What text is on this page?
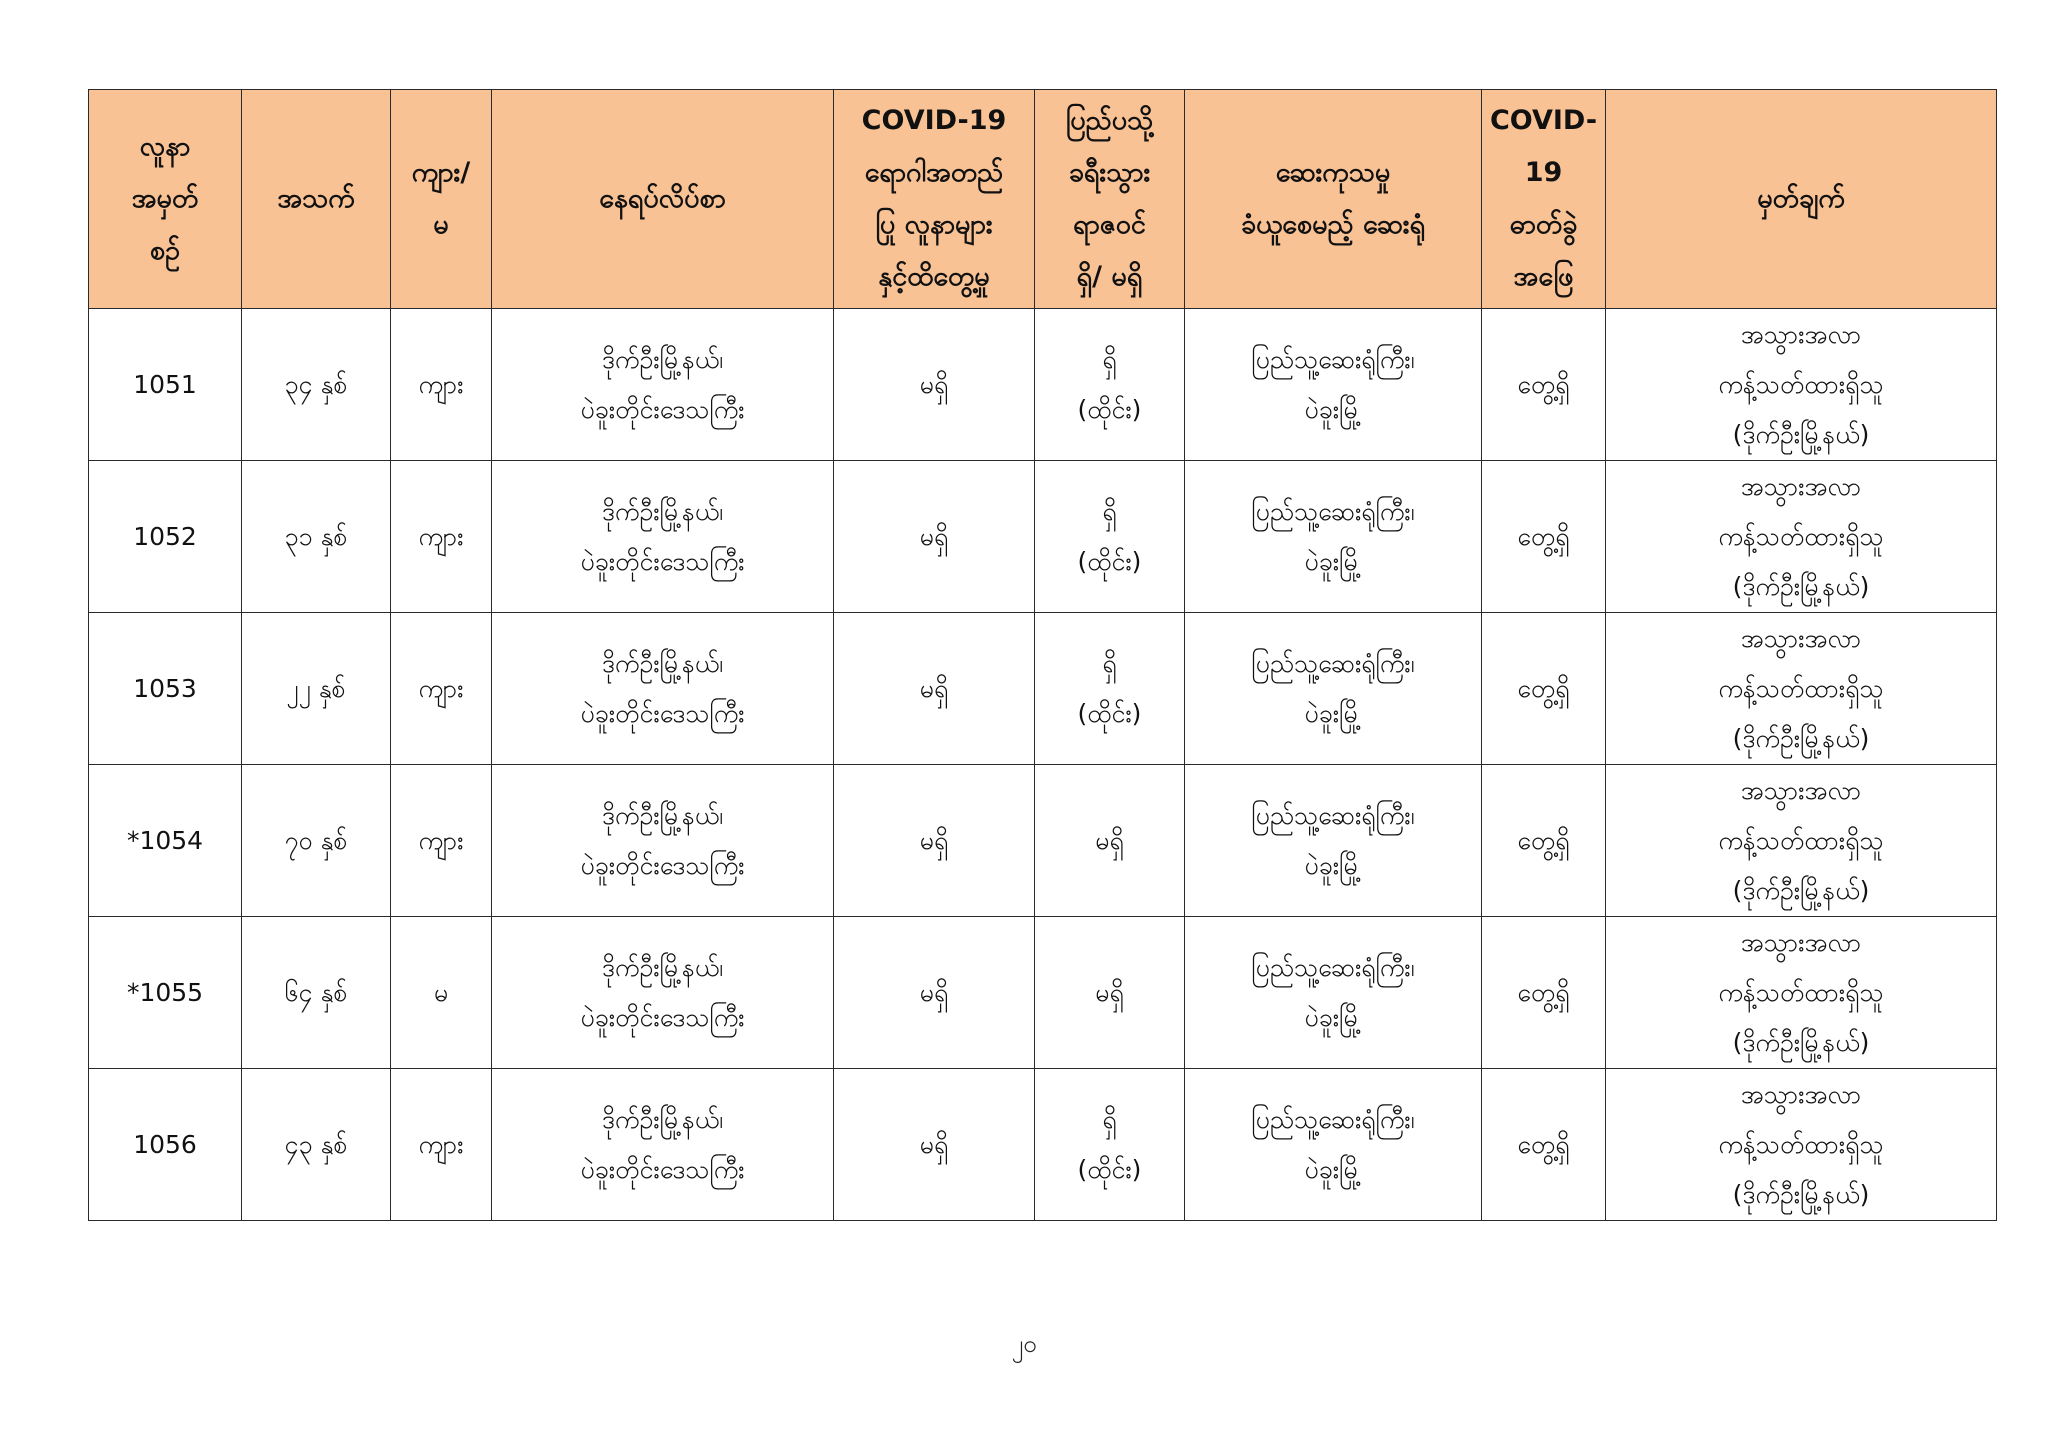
လူနာ
အမှတ်
စဉ်	အသက်	ကျား/
မ	နေရပ်လိပ်စာ	COVID-19
ရောဂါအတည်
ပြု လူနာများ
နှင့်ထိတွေ့မှု	ပြည်ပသို့
ခရီးသွား
ရာဇဝင်
ရှိ/ မရှိ	ဆေးကုသမှု
ခံယူစေမည့် ဆေးရုံ	COVID-
19
ဓာတ်ခွဲ
အဖြေ	မှတ်ချက်

1051	၃၄ နှစ်	ကျား	ဒိုက်ဦးမြို့နယ်၊
ပဲခူးတိုင်းဒေသကြီး	မရှိ	ရှိ
(ထိုင်း)	ပြည်သူ့ဆေးရုံကြီး၊
ပဲခူးမြို့	တွေ့ရှိ	အသွားအလာ
ကန့်သတ်ထားရှိသူ
(ဒိုက်ဦးမြို့နယ်)

1052	၃၁ နှစ်	ကျား	ဒိုက်ဦးမြို့နယ်၊
ပဲခူးတိုင်းဒေသကြီး	မရှိ	ရှိ
(ထိုင်း)	ပြည်သူ့ဆေးရုံကြီး၊
ပဲခူးမြို့	တွေ့ရှိ	အသွားအလာ
ကန့်သတ်ထားရှိသူ
(ဒိုက်ဦးမြို့နယ်)

1053	၂၂ နှစ်	ကျား	ဒိုက်ဦးမြို့နယ်၊
ပဲခူးတိုင်းဒေသကြီး	မရှိ	ရှိ
(ထိုင်း)	ပြည်သူ့ဆေးရုံကြီး၊
ပဲခူးမြို့	တွေ့ရှိ	အသွားအလာ
ကန့်သတ်ထားရှိသူ
(ဒိုက်ဦးမြို့နယ်)

*1054	၇၀ နှစ်	ကျား	ဒိုက်ဦးမြို့နယ်၊
ပဲခူးတိုင်းဒေသကြီး	မရှိ	မရှိ	ပြည်သူ့ဆေးရုံကြီး၊
ပဲခူးမြို့	တွေ့ရှိ	အသွားအလာ
ကန့်သတ်ထားရှိသူ
(ဒိုက်ဦးမြို့နယ်)

*1055	၆၄ နှစ်	မ	ဒိုက်ဦးမြို့နယ်၊
ပဲခူးတိုင်းဒေသကြီး	မရှိ	မရှိ	ပြည်သူ့ဆေးရုံကြီး၊
ပဲခူးမြို့	တွေ့ရှိ	အသွားအလာ
ကန့်သတ်ထားရှိသူ
(ဒိုက်ဦးမြို့နယ်)

1056	၄၃ နှစ်	ကျား	ဒိုက်ဦးမြို့နယ်၊
ပဲခူးတိုင်းဒေသကြီး	မရှိ	ရှိ
(ထိုင်း)	ပြည်သူ့ဆေးရုံကြီး၊
ပဲခူးမြို့	တွေ့ရှိ	အသွားအလာ
ကန့်သတ်ထားရှိသူ
(ဒိုက်ဦးမြို့နယ်)
၂၀
